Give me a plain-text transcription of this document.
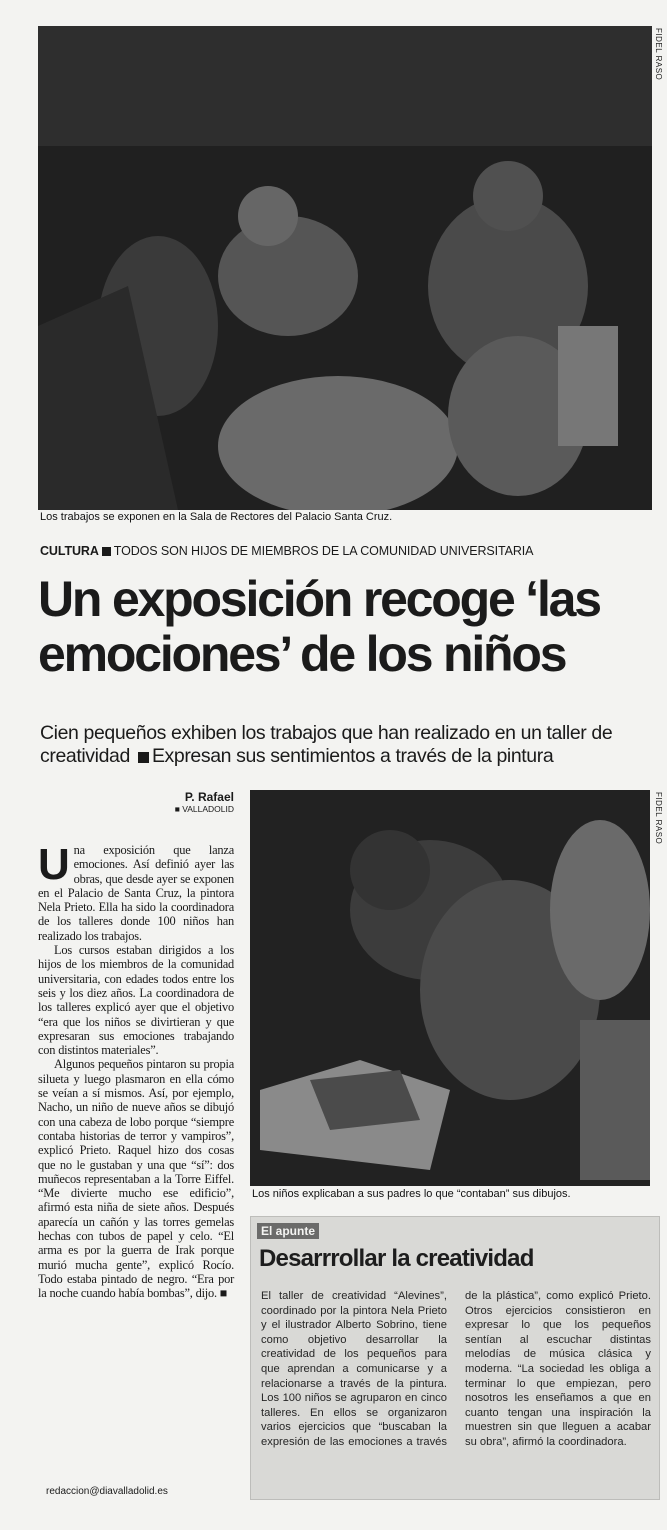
FIDEL RASO
Los trabajos se exponen en la Sala de Rectores del Palacio Santa Cruz.
CULTURA TODOS SON HIJOS DE MIEMBROS DE LA COMUNIDAD UNIVERSITARIA
Un exposición recoge ‘las emociones’ de los niños

Cien pequeños exhiben los trabajos que han realizado en un taller de creatividad Expresan sus sentimientos a través de la pintura

P. Rafael
■ VALLADOLID

Una exposición que lanza emociones. Así definió ayer las obras, que desde ayer se exponen en el Palacio de Santa Cruz, la pintora Nela Prieto. Ella ha sido la coordinadora de los talleres donde 100 niños han realizado los trabajos.

Los cursos estaban dirigidos a los hijos de los miembros de la comunidad universitaria, con edades todos entre los seis y los diez años. La coordinadora de los talleres explicó ayer que el objetivo “era que los niños se divirtieran y que expresaran sus emociones trabajando con distintos materiales”.

Algunos pequeños pintaron su propia silueta y luego plasmaron en ella cómo se veían a sí mismos. Así, por ejemplo, Nacho, un niño de nueve años se dibujó con una cabeza de lobo porque “siempre contaba historias de terror y vampiros”, explicó Prieto. Raquel hizo dos cosas que no le gustaban y una que “sí”: dos muñecos representaban a la Torre Eiffel. “Me divierte mucho ese edificio”, afirmó esta niña de siete años. Después aparecía un cañón y las torres gemelas hechas con tubos de papel y celo. “El arma es por la guerra de Irak porque murió mucha gente”, explicó Rocío. Todo estaba pintado de negro. “Era por la noche cuando había bombas”, dijo. ■

redaccion@diavalladolid.es
FIDEL RASO
Los niños explicaban a sus padres lo que “contaban” sus dibujos.
El apunte
Desarrrollar la creatividad
El taller de creatividad “Alevines”, coordinado por la pintora Nela Prieto y el ilustrador Alberto Sobrino, tiene como objetivo desarrollar la creatividad de los pequeños para que aprendan a comunicarse y a relacionarse a través de la pintura. Los 100 niños se agruparon en cinco talleres. En ellos se organizaron varios ejercicios que “buscaban la expresión de las emociones a través de la plástica”, como explicó Prieto. Otros ejercicios consistieron en expresar lo que los pequeños sentían al escuchar distintas melodías de música clásica y moderna. “La sociedad les obliga a terminar lo que empiezan, pero nosotros les enseñamos a que en cuanto tengan una inspiración la muestren sin que lleguen a acabar su obra”, afirmó la coordinadora.
